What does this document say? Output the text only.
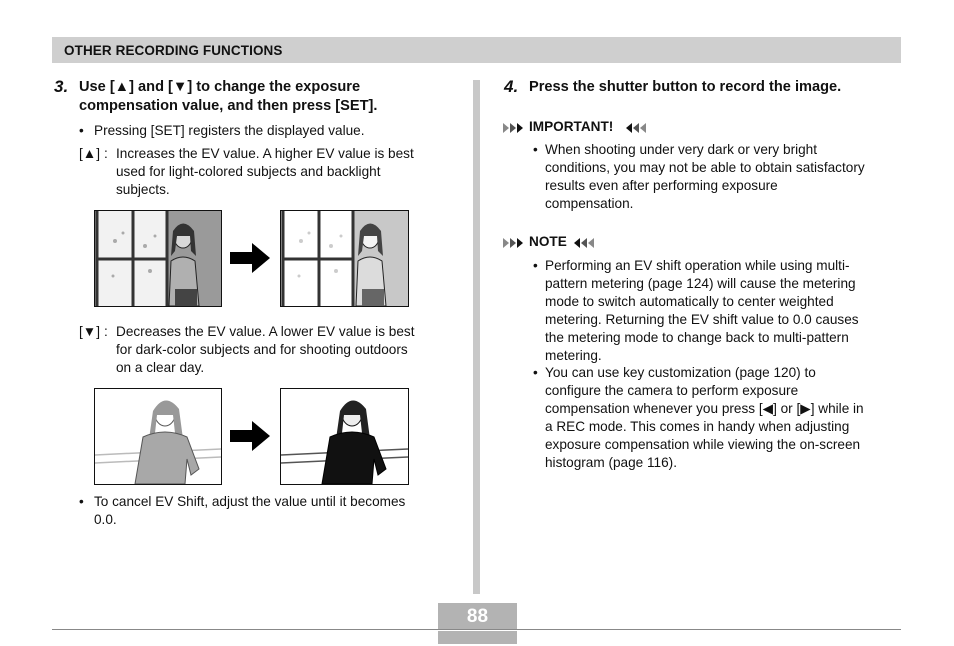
OTHER RECORDING FUNCTIONS
3. Use [▲] and [▼] to change the exposure
compensation value, and then press [SET].
•
Pressing [SET] registers the displayed value.
[▲] : Increases the EV value. A higher EV value is best
used for light-colored subjects and backlight
subjects.
[▼] : Decreases the EV value. A lower EV value is best
for dark-color subjects and for shooting outdoors
on a clear day.
•
To cancel EV Shift, adjust the value until it becomes
0.0.
4. Press the shutter button to record the image.
IMPORTANT!
•
When shooting under very dark or very bright
conditions, you may not be able to obtain satisfactory
results even after performing exposure
compensation.
NOTE
•
Performing an EV shift operation while using multi-
pattern metering (page 124) will cause the metering
mode to switch automatically to center weighted
metering. Returning the EV shift value to 0.0 causes
the metering mode to change back to multi-pattern
metering.
•
You can use key customization (page 120) to
configure the camera to perform exposure
compensation whenever you press [◀] or [▶] while in
a REC mode. This comes in handy when adjusting
exposure compensation while viewing the on-screen
histogram (page 116).
88
